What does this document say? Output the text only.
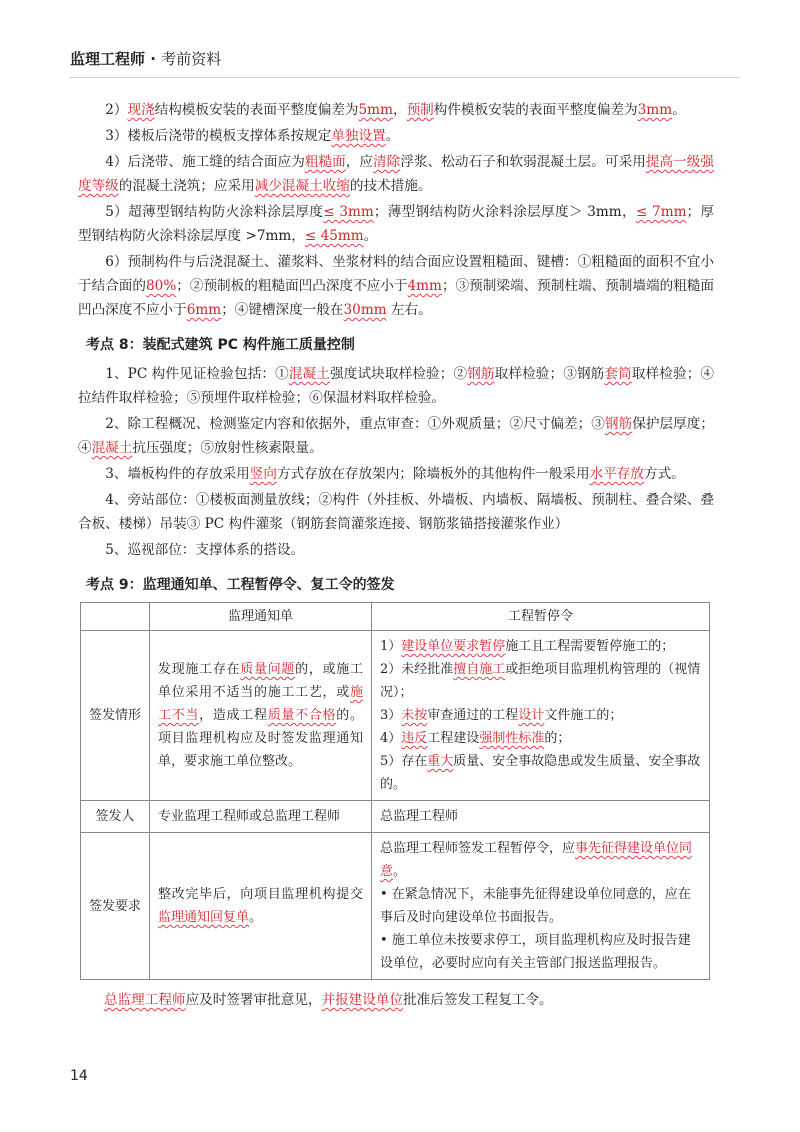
监理工程师 · 考前资料

2）现浇结构模板安装的表面平整度偏差为5mm，预制构件模板安装的表面平整度偏差为3mm。

3）楼板后浇带的模板支撑体系按规定单独设置。

4）后浇带、施工缝的结合面应为粗糙面，应清除浮浆、松动石子和软弱混凝土层。可采用提高一级强度等级的混凝土浇筑；应采用减少混凝土收缩的技术措施。

5）超薄型钢结构防火涂料涂层厚度≤ 3mm；薄型钢结构防火涂料涂层厚度＞ 3mm，≤ 7mm；厚型钢结构防火涂料涂层厚度 >7mm，≤ 45mm。

6）预制构件与后浇混凝土、灌浆料、坐浆材料的结合面应设置粗糙面、键槽：①粗糙面的面积不宜小于结合面的80%；②预制板的粗糙面凹凸深度不应小于4mm；③预制梁端、预制柱端、预制墙端的粗糙面凹凸深度不应小于6mm；④键槽深度一般在30mm 左右。

考点 8：装配式建筑 PC 构件施工质量控制

1、PC 构件见证检验包括：①混凝土强度试块取样检验；②钢筋取样检验；③钢筋套筒取样检验；④拉结件取样检验；⑤预埋件取样检验；⑥保温材料取样检验。

2、除工程概况、检测鉴定内容和依据外，重点审查：①外观质量；②尺寸偏差；③钢筋保护层厚度；④混凝土抗压强度；⑤放射性核素限量。

3、墙板构件的存放采用竖向方式存放在存放架内；除墙板外的其他构件一般采用水平存放方式。

4、旁站部位：①楼板面测量放线；②构件（外挂板、外墙板、内墙板、隔墙板、预制柱、叠合梁、叠合板、楼梯）吊装③ PC 构件灌浆（钢筋套筒灌浆连接、钢筋浆锚搭接灌浆作业）

5、巡视部位：支撑体系的搭设。

考点 9：监理通知单、工程暂停令、复工令的签发
	监理通知单	工程暂停令
签发情形	发现施工存在质量问题的，或施工单位采用不适当的施工工艺，或施工不当，造成工程质量不合格的。项目监理机构应及时签发监理通知单，要求施工单位整改。	1）建设单位要求暂停施工且工程需要暂停施工的；

2）未经批准擅自施工或拒绝项目监理机构管理的（视情况）；

3）未按审查通过的工程设计文件施工的；

4）违反工程建设强制性标准的；

5）存在重大质量、安全事故隐患或发生质量、安全事故的。

签发人	专业监理工程师或总监理工程师	总监理工程师
签发要求	整改完毕后，向项目监理机构提交监理通知回复单。	总监理工程师签发工程暂停令，应事先征得建设单位同意。

• 在紧急情况下，未能事先征得建设单位同意的，应在事后及时向建设单位书面报告。

• 施工单位未按要求停工，项目监理机构应及时报告建设单位，必要时应向有关主管部门报送监理报告。

总监理工程师应及时签署审批意见，并报建设单位批准后签发工程复工令。

14
